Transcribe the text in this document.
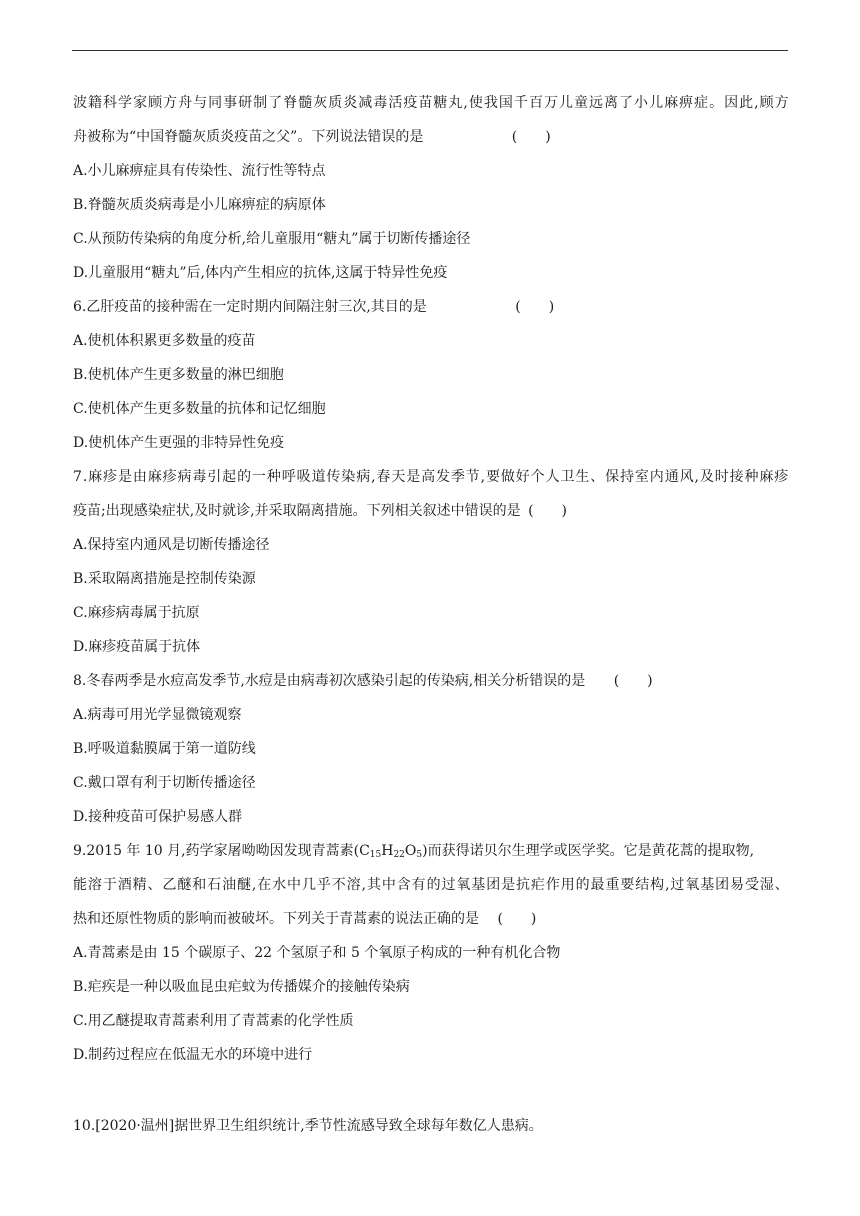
波 籍 科 学 家 顾 方 舟 与 同 事 研 制 了 脊 髓 灰 质 炎 减 毒 活 疫 苗 糖 丸 , 使 我 国 千 百 万 儿 童 远 离 了 小 儿 麻 痹 症 。 因 此 , 顾 方
舟被称为“中国脊髓灰质炎疫苗之父”。下列说法错误的是	(　　)
A.小儿麻痹症具有传染性、流行性等特点
B.脊髓灰质炎病毒是小儿麻痹症的病原体
C.从预防传染病的角度分析,给儿童服用“糖丸”属于切断传播途径
D.儿童服用“糖丸”后,体内产生相应的抗体,这属于特异性免疫
6.乙肝疫苗的接种需在一定时期内间隔注射三次,其目的是	(　　)
A.使机体积累更多数量的疫苗
B.使机体产生更多数量的淋巴细胞
C.使机体产生更多数量的抗体和记忆细胞
D.使机体产生更强的非特异性免疫
7 . 麻 疹 是 由 麻 疹 病 毒 引 起 的 一 种 呼 吸 道 传 染 病 , 春 天 是 高 发 季 节 , 要 做 好 个 人 卫 生 、 保 持 室 内 通 风 , 及 时 接 种 麻 疹
疫苗;出现感染症状,及时就诊,并采取隔离措施。下列相关叙述中错误的是 (　　)
A.保持室内通风是切断传播途径
B.采取隔离措施是控制传染源
C.麻疹病毒属于抗原
D.麻疹疫苗属于抗体
8.冬春两季是水痘高发季节,水痘是由病毒初次感染引起的传染病,相关分析错误的是 (　　)
A.病毒可用光学显微镜观察
B.呼吸道黏膜属于第一道防线
C.戴口罩有利于切断传播途径
D.接种疫苗可保护易感人群
9.2015 年 10 月,药学家屠呦呦因发现青蒿素$(C_{15}H_{22}O_5)$而获得诺贝尔生理学或医学奖。它是黄花蒿的提取物,
能 溶 于 酒 精 、 乙 醚 和 石 油 醚 , 在 水 中 几 乎 不 溶 , 其 中 含 有 的 过 氧 基 团 是 抗 疟 作 用 的 最 重 要 结 构 , 过 氧 基 团 易 受 湿 、
热和还原性物质的影响而被破坏。下列关于青蒿素的说法正确的是 (　　)
A.青蒿素是由 15 个碳原子、22 个氢原子和 5 个氧原子构成的一种有机化合物
B.疟疾是一种以吸血昆虫疟蚊为传播媒介的接触传染病
C.用乙醚提取青蒿素利用了青蒿素的化学性质
D.制药过程应在低温无水的环境中进行
10.[2020·温州]据世界卫生组织统计,季节性流感导致全球每年数亿人患病。
